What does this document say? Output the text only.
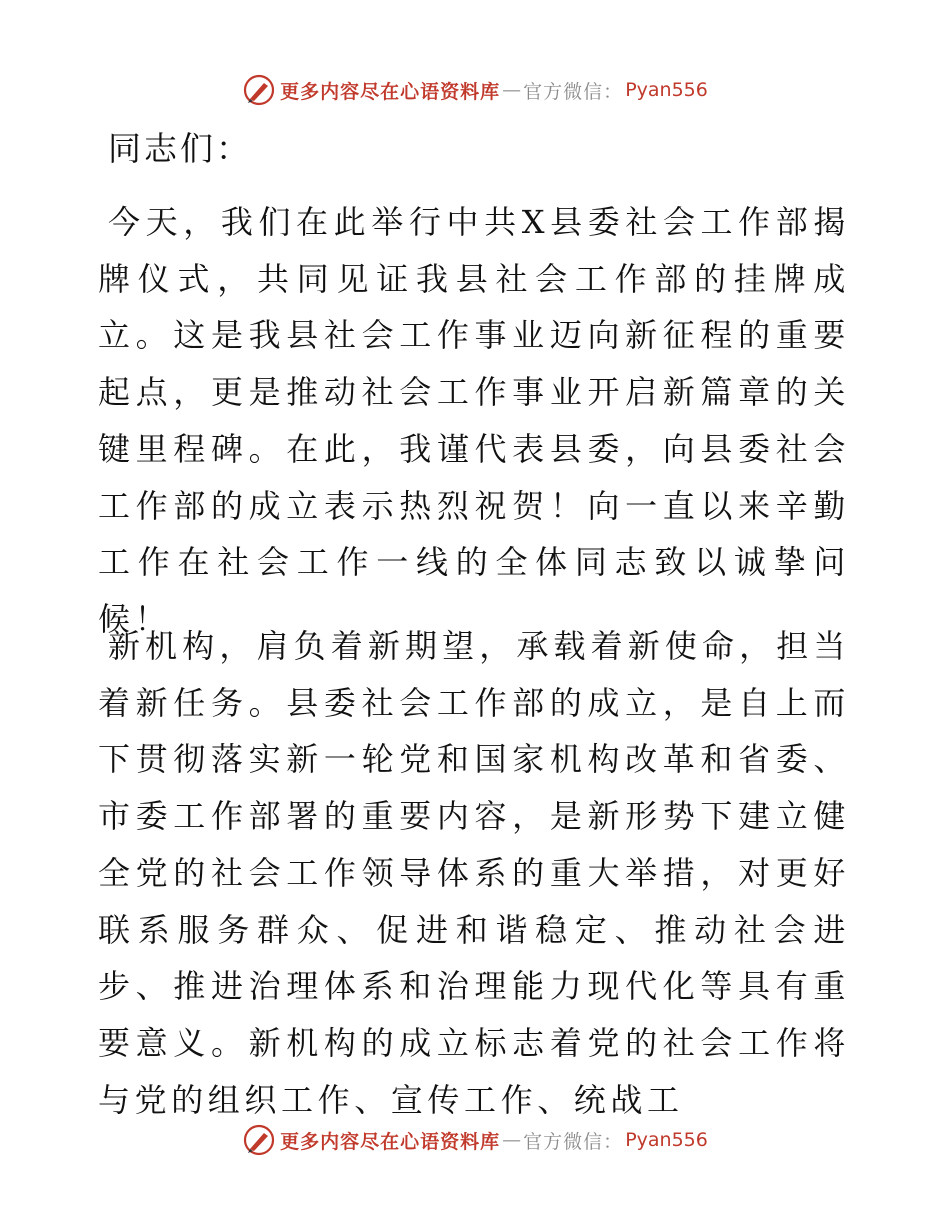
更多内容尽在心语资料库 — 官方微信： Pyan556
同志们：

今天，我们在此举行中共X县委社会工作部揭牌仪式，共同见证我县社会工作部的挂牌成立。这是我县社会工作事业迈向新征程的重要起点，更是推动社会工作事业开启新篇章的关键里程碑。在此，我谨代表县委，向县委社会工作部的成立表示热烈祝贺！向一直以来辛勤工作在社会工作一线的全体同志致以诚挚问候！

新机构，肩负着新期望，承载着新使命，担当着新任务。县委社会工作部的成立，是自上而下贯彻落实新一轮党和国家机构改革和省委、市委工作部署的重要内容，是新形势下建立健全党的社会工作领导体系的重大举措，对更好联系服务群众、促进和谐稳定、推动社会进步、推进治理体系和治理能力现代化等具有重要意义。新机构的成立标志着党的社会工作将与党的组织工作、宣传工作、统战工

更多内容尽在心语资料库 — 官方微信： Pyan556
